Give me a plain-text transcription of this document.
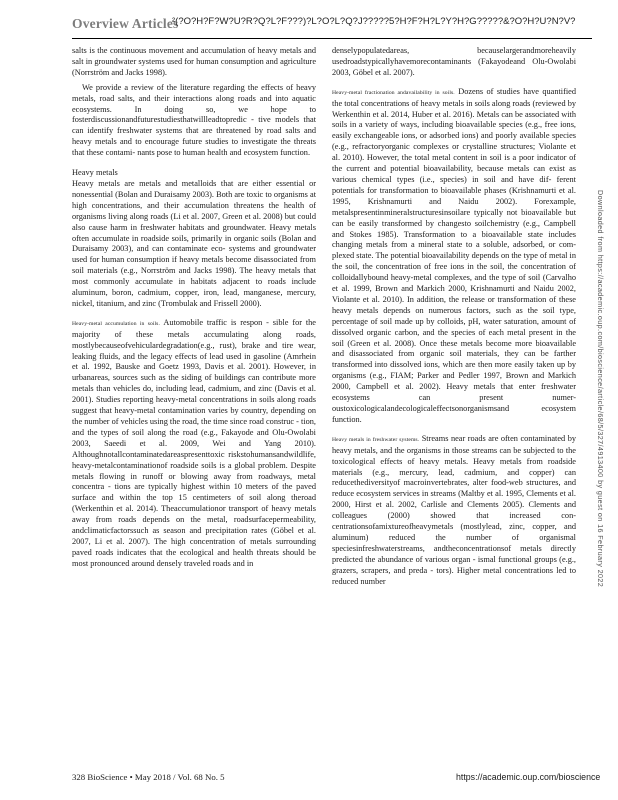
Overview Articles
²(?O?H?F?W?U?R?Q?L?F???)?L?O?L?Q?J?????5?H?F?H?L?Y?H?G?????&?O?H?U?N?V?

salts is the continuous movement and accumulation of heavy metals and salt in groundwater systems used for human consumption and agriculture (Norrström and Jacks 1998).

We provide a review of the literature regarding the effects of heavy metals, road salts, and their interactions along roads and into aquatic ecosystems. In doing so, we hope to fosterdiscussionandfuturestudiesthatwillleadtopredic - tive models that can identify freshwater systems that are threatened by road salts and heavy metals and to encourage future studies to investigate the threats that these contami- nants pose to human health and ecosystem function.

Heavy metals

Heavy metals are metals and metalloids that are either essential or nonessential (Bolan and Duraisamy 2003). Both are toxic to organisms at high concentrations, and their accumulation threatens the health of organisms living along roads (Li et al. 2007, Green et al. 2008) but could also cause harm in freshwater habitats and groundwater. Heavy metals often accumulate in roadside soils, primarily in organic soils (Bolan and Duraisamy 2003), and can contaminate eco- systems and groundwater used for human consumption if heavy metals become disassociated from soil materials (e.g., Norrström and Jacks 1998). The heavy metals that most commonly accumulate in habitats adjacent to roads include aluminum, boron, cadmium, copper, iron, lead, manganese, mercury, nickel, titanium, and zinc (Trombulak and Frissell 2000).

Heavy-metal accumulation in soils. Automobile traffic is respon - sible for the majority of these metals accumulating along roads, mostlybecauseofvehiculardegradation(e.g., rust), brake and tire wear, leaking fluids, and the legacy effects of lead used in gasoline (Amrhein et al. 1992, Bauske and Goetz 1993, Davis et al. 2001). However, in urbanareas, sources such as the siding of buildings can contribute more metals than vehicles do, including lead, cadmium, and zinc (Davis et al. 2001). Studies reporting heavy-metal concentrations in soils along roads suggest that heavy-metal contamination varies by country, depending on the number of vehicles using the road, the time since road construc - tion, and the types of soil along the road (e.g., Fakayode and Olu-Owolabi 2003, Saeedi et al. 2009, Wei and Yang 2010). Althoughnotallcontaminatedareaspresenttoxic riskstohumansandwildlife, heavy-metalcontaminationof roadside soils is a global problem. Despite metals flowing in runoff or blowing away from roadways, metal concentra - tions are typically highest within 10 meters of the paved surface and within the top 15 centimeters of soil along theroad (Werkenthin et al. 2014). Theaccumulationor transport of heavy metals away from roads depends on the metal, roadsurfacepermeability, andclimaticfactorssuch as season and precipitation rates (Göbel et al. 2007, Li et al. 2007). The high concentration of metals surrounding paved roads indicates that the ecological and health threats should be most pronounced around densely traveled roads and in

denselypopulatedareas, becauselargerandmoreheavily usedroadstypicallyhavemorecontaminants (Fakayodeand Olu-Owolabi 2003, Göbel et al. 2007).

Heavy-metal fractionation andavailability in soils. Dozens of studies have quantified the total concentrations of heavy metals in soils along roads (reviewed by Werkenthin et al. 2014, Huber et al. 2016). Metals can be associated with soils in a variety of ways, including bioavailable species (e.g., free ions, easily exchangeable ions, or adsorbed ions) and poorly available species (e.g., refractoryorganic complexes or crystalline structures; Violante et al. 2010). However, the total metal content in soil is a poor indicator of the current and potential bioavailability, because metals can exist as various chemical types (i.e., species) in soil and have dif- ferent potentials for transformation to bioavailable phases (Krishnamurti et al. 1995, Krishnamurti and Naidu 2002). Forexample, metalspresentinmineralstructuresinsoilare typically not bioavailable but can be easily transformed by changesto soilchemistry (e.g., Campbell and Stokes 1985). Transformation to a bioavailable state includes changing metals from a mineral state to a soluble, adsorbed, or com- plexed state. The potential bioavailability depends on the type of metal in the soil, the concentration of free ions in the soil, the concentration of colloidallybound heavy-metal complexes, and the type of soil (Carvalho et al. 1999, Brown and Markich 2000, Krishnamurti and Naidu 2002, Violante et al. 2010). In addition, the release or transformation of these heavy metals depends on numerous factors, such as the soil type, percentage of soil made up by colloids, pH, water saturation, amount of dissolved organic carbon, and the species of each metal present in the soil (Green et al. 2008). Once these metals become more bioavailable and disassociated from organic soil materials, they can be farther transformed into dissolved ions, which are then more easily taken up by organisms (e.g., FIAM; Parker and Pedler 1997, Brown and Markich 2000, Campbell et al. 2002). Heavy metals that enter freshwater ecosystems can present numer- oustoxicologicalandecologicaleffectsonorganismsand ecosystem function.

Heavy metals in freshwater systems. Streams near roads are often contaminated by heavy metals, and the organisms in those streams can be subjected to the toxicological effects of heavy metals. Heavy metals from roadside materials (e.g., mercury, lead, cadmium, and copper) can reducethediversityof macroinvertebrates, alter food-web structures, and reduce ecosystem services in streams (Maltby et al. 1995, Clements et al. 2000, Hirst et al. 2002, Carlisle and Clements 2005). Clements and colleagues (2000) showed that increased con- centrationsofamixtureofheavymetals (mostlylead, zinc, copper, and aluminum) reduced the number of organismal speciesinfreshwaterstreams, andtheconcentrationsof metals directly predicted the abundance of various organ - ismal functional groups (e.g., grazers, scrapers, and preda - tors). Higher metal concentrations led to reduced number	Downloaded from https://academic.oup.com/bioscience/article/68/5/327/4913400 by guest on 16 February 2022
328 BioScience • May 2018 / Vol. 68 No. 5	https://academic.oup.com/bioscience
